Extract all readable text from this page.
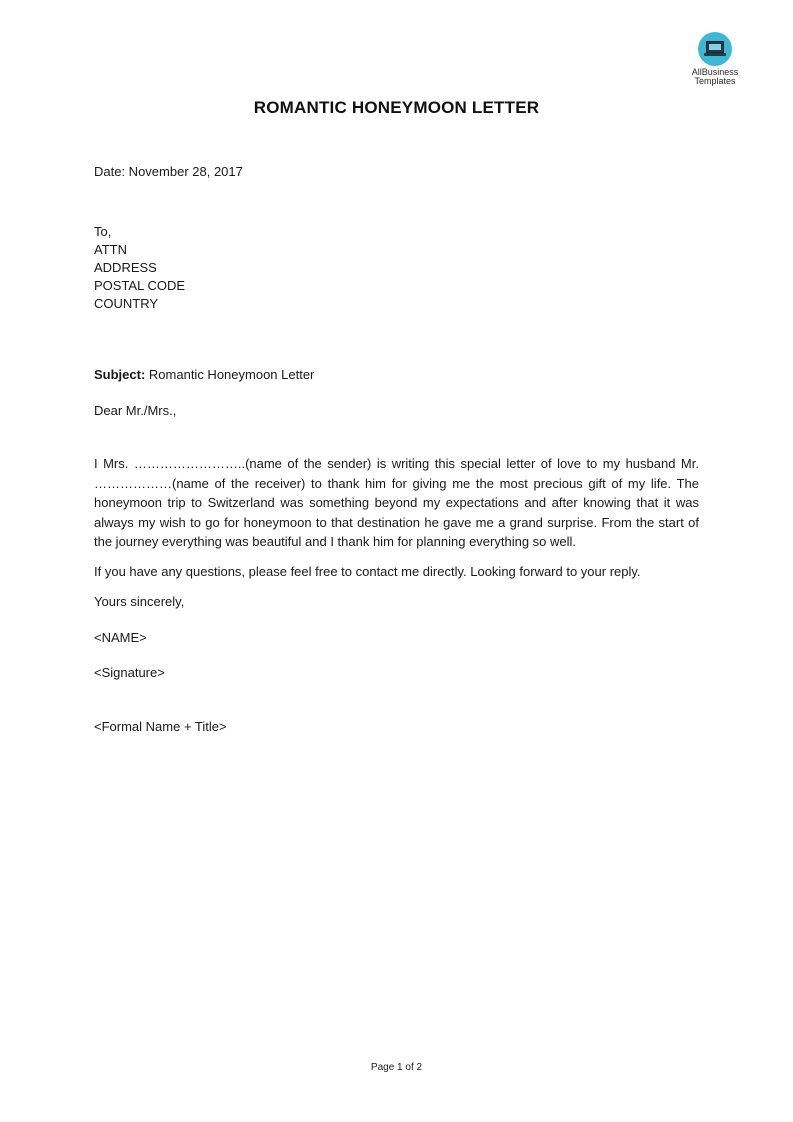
AllBusiness
Templates
ROMANTIC HONEYMOON LETTER
Date: November 28, 2017
To,
ATTN
ADDRESS
POSTAL CODE
COUNTRY
Subject: Romantic Honeymoon Letter
Dear Mr./Mrs.,
I Mrs. ……………………..(name of the sender) is writing this special letter of love to my husband Mr. ………………(name of the receiver) to thank him for giving me the most precious gift of my life. The honeymoon trip to Switzerland was something beyond my expectations and after knowing that it was always my wish to go for honeymoon to that destination he gave me a grand surprise. From the start of the journey everything was beautiful and I thank him for planning everything so well.
If you have any questions, please feel free to contact me directly. Looking forward to your reply.
Yours sincerely,
<NAME>
<Signature>
<Formal Name + Title>
Page 1 of 2
